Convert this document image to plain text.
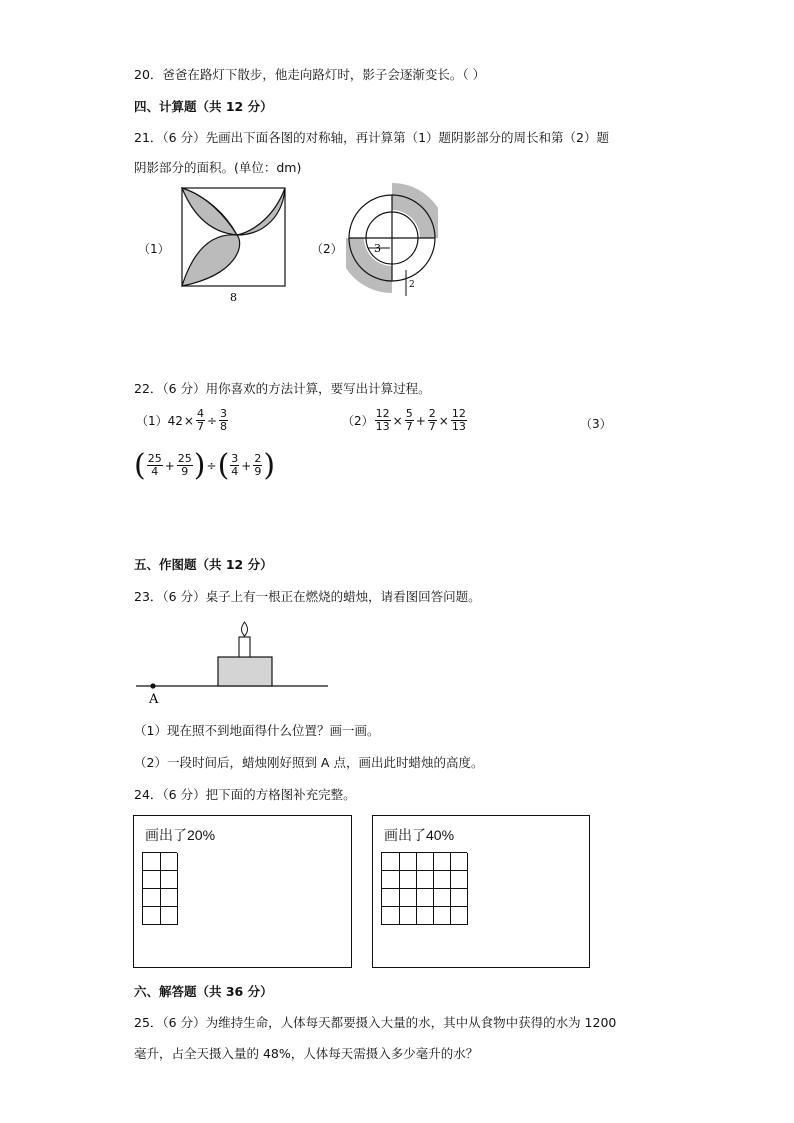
20．爸爸在路灯下散步，他走向路灯时，影子会逐渐变长。（ ）
四、计算题（共 12 分）
21．（6 分）先画出下面各图的对称轴，再计算第（1）题阴影部分的周长和第（2）题
阴影部分的面积。(单位：dm)
（1）
8
（2）	3
2
22．（6 分）用你喜欢的方法计算，要写出计算过程。
（1） $42 \times \frac{4}{7} \div \frac{3}{8}$	$(2) \frac{12}{13} \times \frac{5}{7} + \frac{2}{7} \times \frac{12}{13}$	（3）
( $\frac{25}{4} + \frac{25}{9}$ ) ÷ ( $\frac{3}{4} + \frac{2}{9}$ )
五、作图题（共 12 分）
23．（6 分）桌子上有一根正在燃烧的蜡烛，请看图回答问题。
A
（1）现在照不到地面得什么位置？画一画。
（2）一段时间后，蜡烛刚好照到 A 点，画出此时蜡烛的高度。
24．（6 分）把下面的方格图补充完整。
画出了20%	画出了40%
六、解答题（共 36 分）
25．（6 分）为维持生命，人体每天都要摄入大量的水，其中从食物中获得的水为 1200
毫升，占全天摄入量的 48%，人体每天需摄入多少毫升的水？
